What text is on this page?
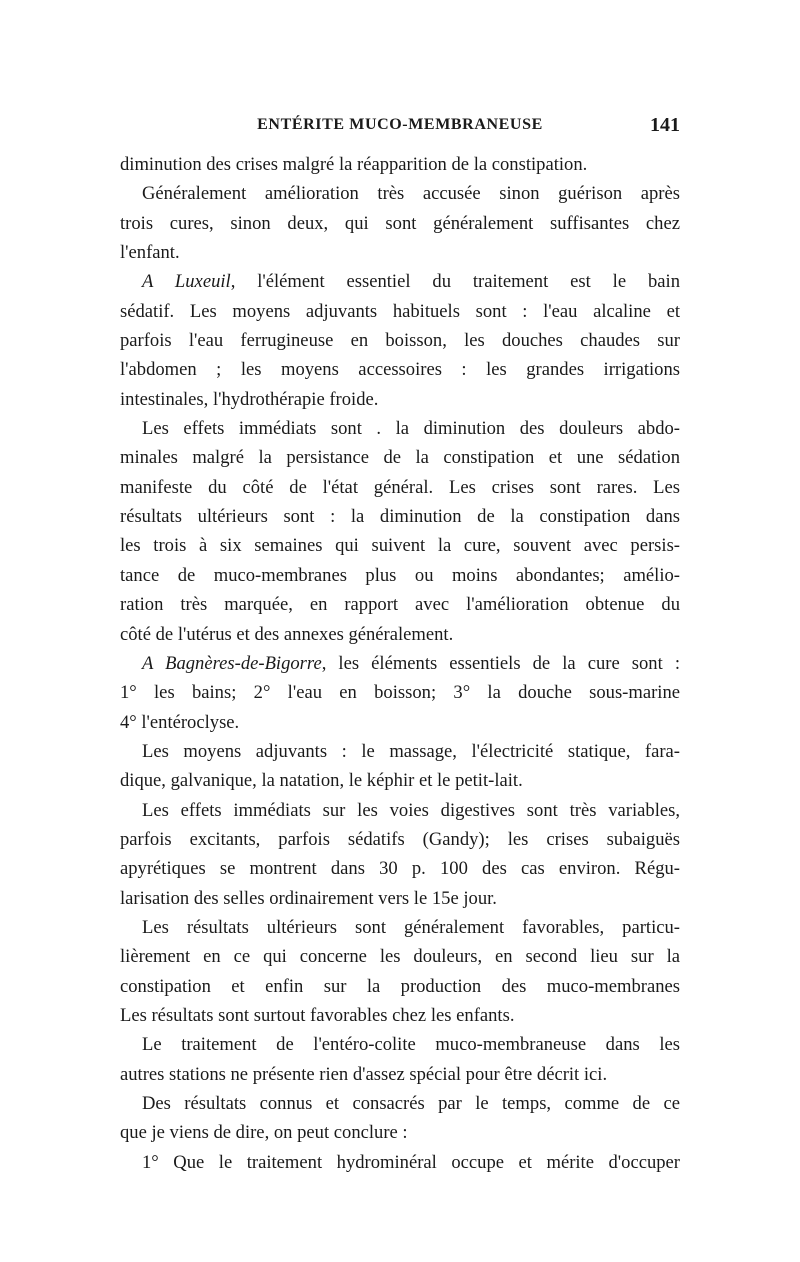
ENTÉRITE MUCO-MEMBRANEUSE	141
diminution des crises malgré la réapparition de la constipation.
Généralement amélioration très accusée sinon guérison après
trois cures, sinon deux, qui sont généralement suffisantes chez
l'enfant.
A Luxeuil, l'élément essentiel du traitement est le bain
sédatif. Les moyens adjuvants habituels sont : l'eau alcaline et
parfois l'eau ferrugineuse en boisson, les douches chaudes sur
l'abdomen ; les moyens accessoires : les grandes irrigations
intestinales, l'hydrothérapie froide.
Les effets immédiats sont . la diminution des douleurs abdo-
minales malgré la persistance de la constipation et une sédation
manifeste du côté de l'état général. Les crises sont rares. Les
résultats ultérieurs sont : la diminution de la constipation dans
les trois à six semaines qui suivent la cure, souvent avec persis-
tance de muco-membranes plus ou moins abondantes; amélio-
ration très marquée, en rapport avec l'amélioration obtenue du
côté de l'utérus et des annexes généralement.
A Bagnères-de-Bigorre, les éléments essentiels de la cure sont :
1° les bains; 2° l'eau en boisson; 3° la douche sous-marine
4° l'entéroclyse.
Les moyens adjuvants : le massage, l'électricité statique, fara-
dique, galvanique, la natation, le képhir et le petit-lait.
Les effets immédiats sur les voies digestives sont très variables,
parfois excitants, parfois sédatifs (Gandy); les crises subaiguës
apyrétiques se montrent dans 30 p. 100 des cas environ. Régu-
larisation des selles ordinairement vers le 15e jour.
Les résultats ultérieurs sont généralement favorables, particu-
lièrement en ce qui concerne les douleurs, en second lieu sur la
constipation et enfin sur la production des muco-membranes
Les résultats sont surtout favorables chez les enfants.
Le traitement de l'entéro-colite muco-membraneuse dans les
autres stations ne présente rien d'assez spécial pour être décrit ici.
Des résultats connus et consacrés par le temps, comme de ce
que je viens de dire, on peut conclure :
1° Que le traitement hydrominéral occupe et mérite d'occuper
